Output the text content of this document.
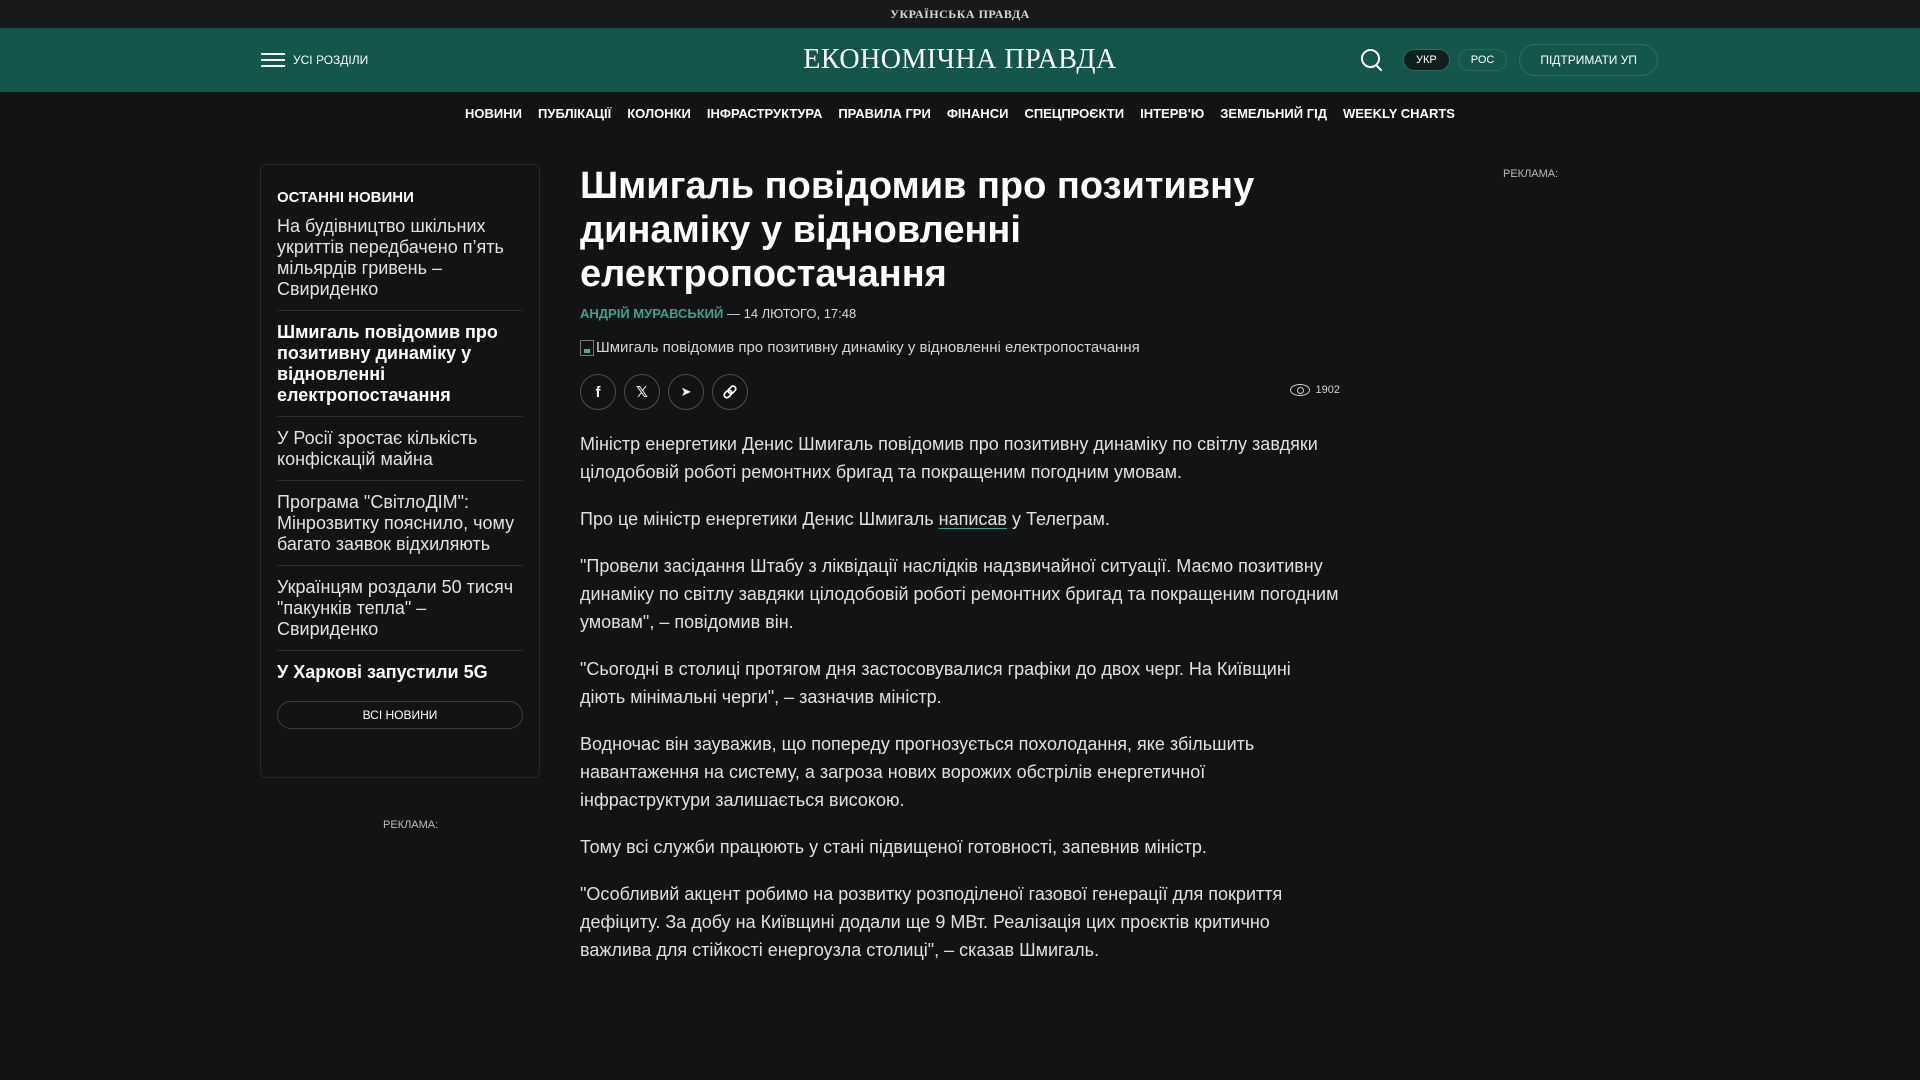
УКРАЇНСЬКА ПРАВДА
УСІ РОЗДІЛИ	ЕКОНОМІЧНА ПРАВДА	УКР	РОС	ПІДТРИМАТИ УП
НОВИНИ ПУБЛІКАЦІЇ КОЛОНКИ ІНФРАСТРУКТУРА ПРАВИЛА ГРИ ФІНАНСИ СПЕЦПРОЄКТИ ІНТЕРВ'Ю ЗЕМЕЛЬНИЙ ГІД WEEKLY CHARTS
ОСТАННІ НОВИНИ
На будівництво шкільних укриттів передбачено п’ять мільярдів гривень – Свириденко
Шмигаль повідомив про позитивну динаміку у відновленні електропостачання
У Росії зростає кількість конфіскацій майна
Програма "СвітлоДІМ": Мінрозвитку пояснило, чому багато заявок відхиляють
Українцям роздали 50 тисяч "пакунків тепла" – Свириденко
У Харкові запустили 5G
ВСІ НОВИНИ
РЕКЛАМА:
РЕКЛАМА:
Шмигаль повідомив про позитивну динаміку у відновленні електропостачання
АНДРІЙ МУРАВСЬКИЙ — 14 ЛЮТОГО, 17:48
Шмигаль повідомив про позитивну динаміку у відновленні електропостачання
f 𝕏	➤	🔗	1902

Міністр енергетики Денис Шмигаль повідомив про позитивну динаміку по світлу завдяки цілодобовій роботі ремонтних бригад та покращеним погодним умовам.

Про це міністр енергетики Денис Шмигаль написав у Телеграм.

"Провели засідання Штабу з ліквідації наслідків надзвичайної ситуації. Маємо позитивну динаміку по світлу завдяки цілодобовій роботі ремонтних бригад та покращеним погодним умовам", – повідомив він.

"Сьогодні в столиці протягом дня застосовувалися графіки до двох черг. На Київщині діють мінімальні черги", – зазначив міністр.

Водночас він зауважив, що попереду прогнозується похолодання, яке збільшить навантаження на систему, а загроза нових ворожих обстрілів енергетичної інфраструктури залишається високою.

Тому всі служби працюють у стані підвищеної готовності, запевнив міністр.

"Особливий акцент робимо на розвитку розподіленої газової генерації для покриття дефіциту. За добу на Київщині додали ще 9 МВт. Реалізація цих проєктів критично важлива для стійкості енергоузла столиці", – сказав Шмигаль.
